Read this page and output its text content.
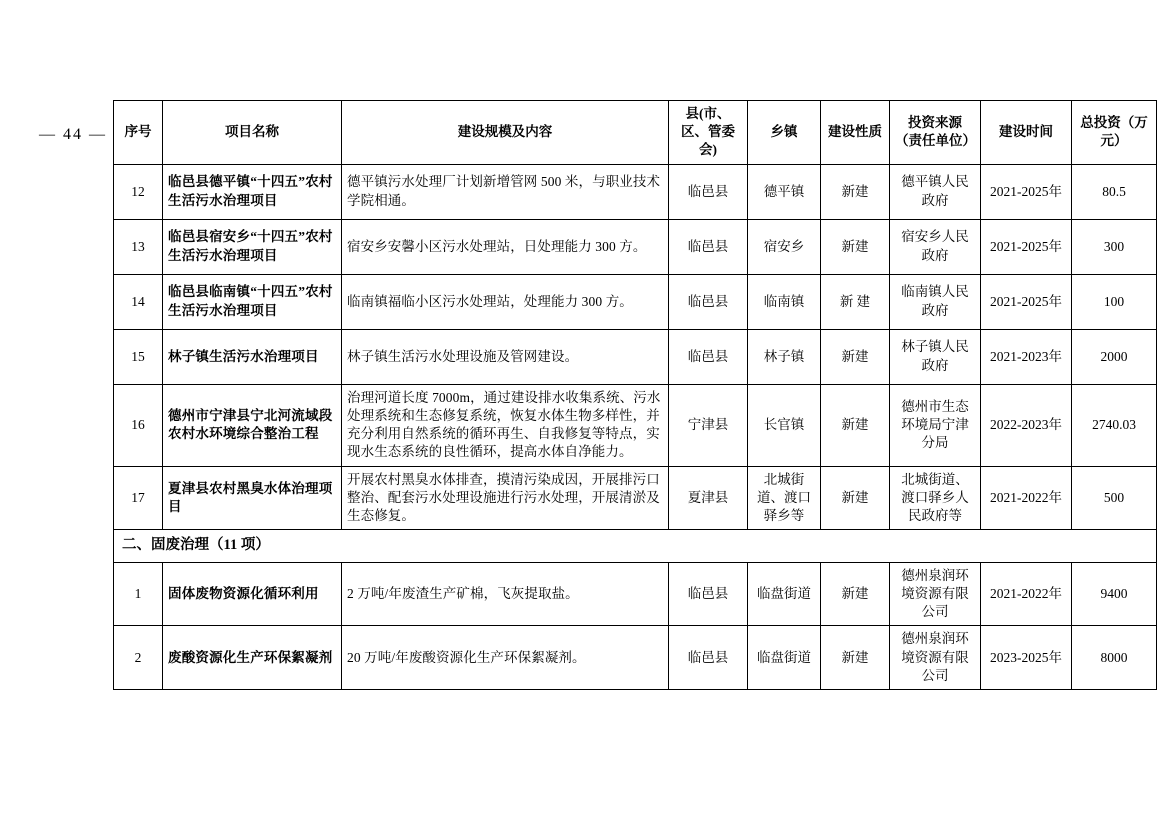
— 44 —	序号	项目名称	建设规模及内容	县(市、区、管委会)	乡镇	建设性质	投资来源（责任单位）	建设时间	总投资（万元）
12	临邑县德平镇“十四五”农村生活污水治理项目	德平镇污水处理厂计划新增管网 500 米，与职业技术学院相通。	临邑县	德平镇	新建	德平镇人民政府	2021-2025年	80.5
13	临邑县宿安乡“十四五”农村生活污水治理项目	宿安乡安馨小区污水处理站，日处理能力 300 方。	临邑县	宿安乡	新建	宿安乡人民政府	2021-2025年	300
14	临邑县临南镇“十四五”农村生活污水治理项目	临南镇福临小区污水处理站，处理能力 300 方。	临邑县	临南镇	新 建	临南镇人民政府	2021-2025年	100
15	林子镇生活污水治理项目	林子镇生活污水处理设施及管网建设。	临邑县	林子镇	新建	林子镇人民政府	2021-2023年	2000
16	德州市宁津县宁北河流域段农村水环境综合整治工程	治理河道长度 7000m，通过建设排水收集系统、污水处理系统和生态修复系统，恢复水体生物多样性，并充分利用自然系统的循环再生、自我修复等特点，实现水生态系统的良性循环，提高水体自净能力。	宁津县	长官镇	新建	德州市生态环境局宁津分局	2022-2023年	2740.03
17	夏津县农村黑臭水体治理项目	开展农村黑臭水体排查，摸清污染成因，开展排污口整治、配套污水处理设施进行污水处理，开展清淤及生态修复。	夏津县	北城街道、渡口驿乡等	新建	北城街道、渡口驿乡人民政府等	2021-2022年	500
二、固废治理（11 项）								
1	固体废物资源化循环利用	2 万吨/年废渣生产矿棉，飞灰提取盐。	临邑县	临盘街道	新建	德州泉润环境资源有限公司	2021-2022年	9400
2	废酸资源化生产环保絮凝剂	20 万吨/年废酸资源化生产环保絮凝剂。	临邑县	临盘街道	新建	德州泉润环境资源有限公司	2023-2025年	8000
